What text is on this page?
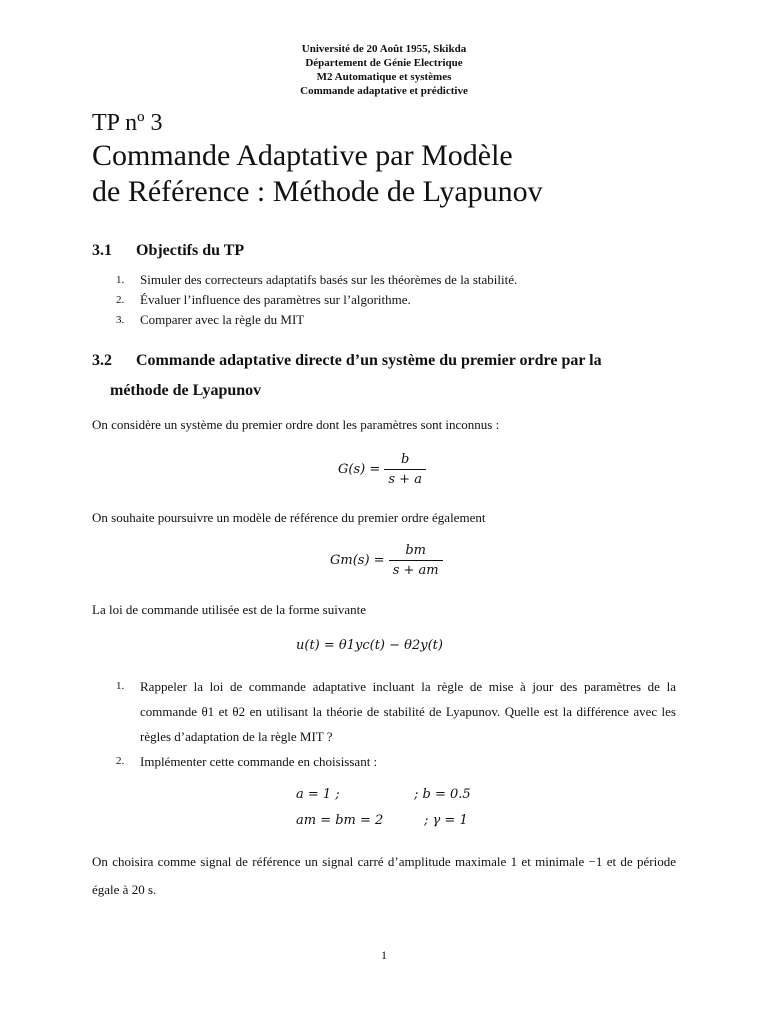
Université de 20 Août 1955, Skikda
Département de Génie Electrique
M2 Automatique et systèmes
Commande adaptative et prédictive
TP nº 3
Commande Adaptative par Modèle
de Référence : Méthode de Lyapunov
3.1 Objectifs du TP
1. Simuler des correcteurs adaptatifs basés sur les théorèmes de la stabilité.
2. Évaluer l’influence des paramètres sur l’algorithme.
3. Comparer avec la règle du MIT
3.2 Commande adaptative directe d’un système du premier ordre par la
méthode de Lyapunov
On considère un système du premier ordre dont les paramètres sont inconnus :
$G(s) = \frac{b}{s + a}$
On souhaite poursuivre un modèle de référence du premier ordre également
$Gm(s) = \frac{bm}{s + am}$
La loi de commande utilisée est de la forme suivante
u(t) = θ1yc(t) − θ2y(t)
1. Rappeler la loi de commande adaptative incluant la règle de mise à jour des paramètres de la commande θ1 et θ2 en utilisant la théorie de stabilité de Lyapunov. Quelle est la différence avec les règles d’adaptation de la règle MIT ?
2. Implémenter cette commande en choisissant :
a = 1 ;	; b = 0.5
am = bm = 2	; γ = 1
On choisira comme signal de référence un signal carré d’amplitude maximale 1 et minimale −1 et de période égale à 20 s.
1
